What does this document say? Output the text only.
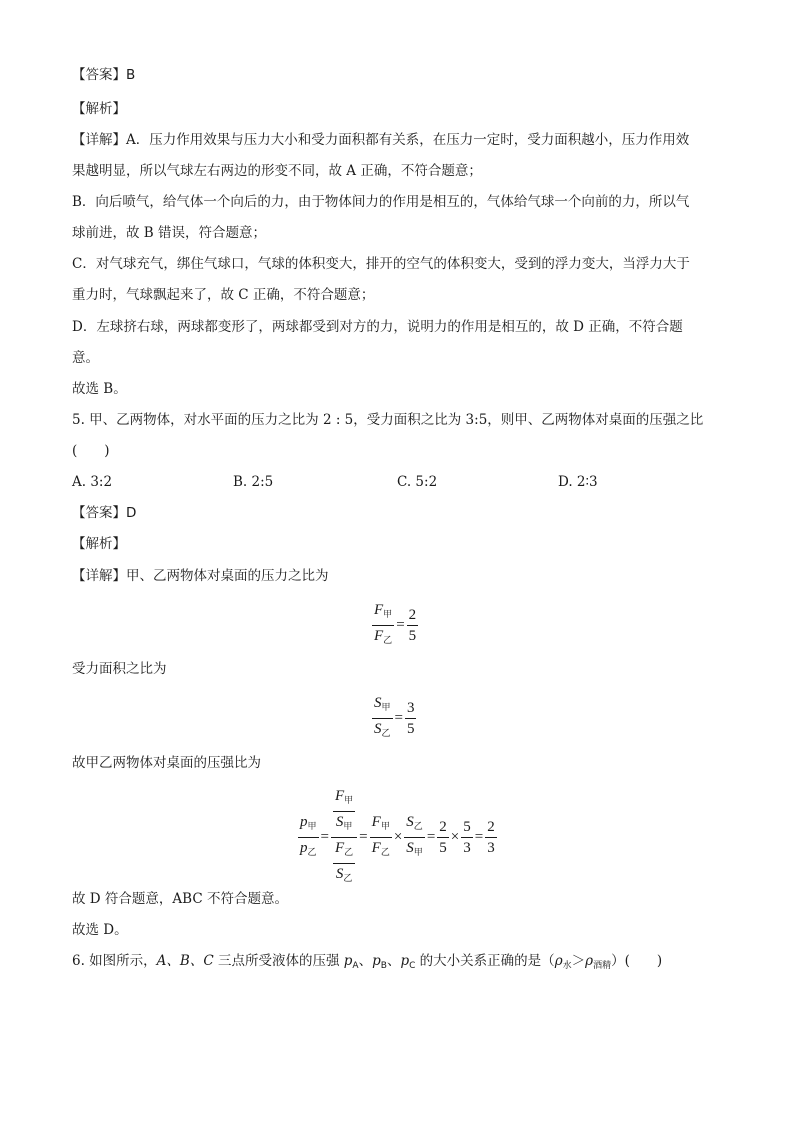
【答案】B
【解析】
【详解】A．压力作用效果与压力大小和受力面积都有关系，在压力一定时，受力面积越小，压力作用效
果越明显，所以气球左右两边的形变不同，故 A 正确，不符合题意；
B．向后喷气，给气体一个向后的力，由于物体间力的作用是相互的，气体给气球一个向前的力，所以气
球前进，故 B 错误，符合题意；
C．对气球充气，绑住气球口，气球的体积变大，排开的空气的体积变大，受到的浮力变大，当浮力大于
重力时，气球飘起来了，故 C 正确，不符合题意；
D．左球挤右球，两球都变形了，两球都受到对方的力，说明力的作用是相互的，故 D 正确，不符合题
意。
故选 B。
5. 甲、乙两物体，对水平面的压力之比为 2 : 5，受力面积之比为 3:5，则甲、乙两物体对桌面的压强之比
(　　)
A. 3:2	B. 2:5	C. 5:2	D. 2∶3
【答案】D
【解析】
【详解】甲、乙两物体对桌面的压力之比为
$\frac{F_甲}{F_乙} = \frac{2}{5}$
受力面积之比为
$\frac{S_甲}{S_乙} = \frac{3}{5}$
故甲乙两物体对桌面的压强比为
$\frac{p_甲}{p_乙} = \frac{\frac{F_甲}{S_甲}}{\frac{F_乙}{S_乙}} = \frac{F_甲}{F_乙} \times \frac{S_乙}{S_甲} = \frac{2}{5} \times \frac{5}{3} = \frac{2}{3}$
故 D 符合题意，ABC 不符合题意。
故选 D。
6. 如图所示，A、B、C 三点所受液体的压强 $p_A$、$p_B$、$p_C$ 的大小关系正确的是$(\rho_水>\rho_{酒精})$(　　)
